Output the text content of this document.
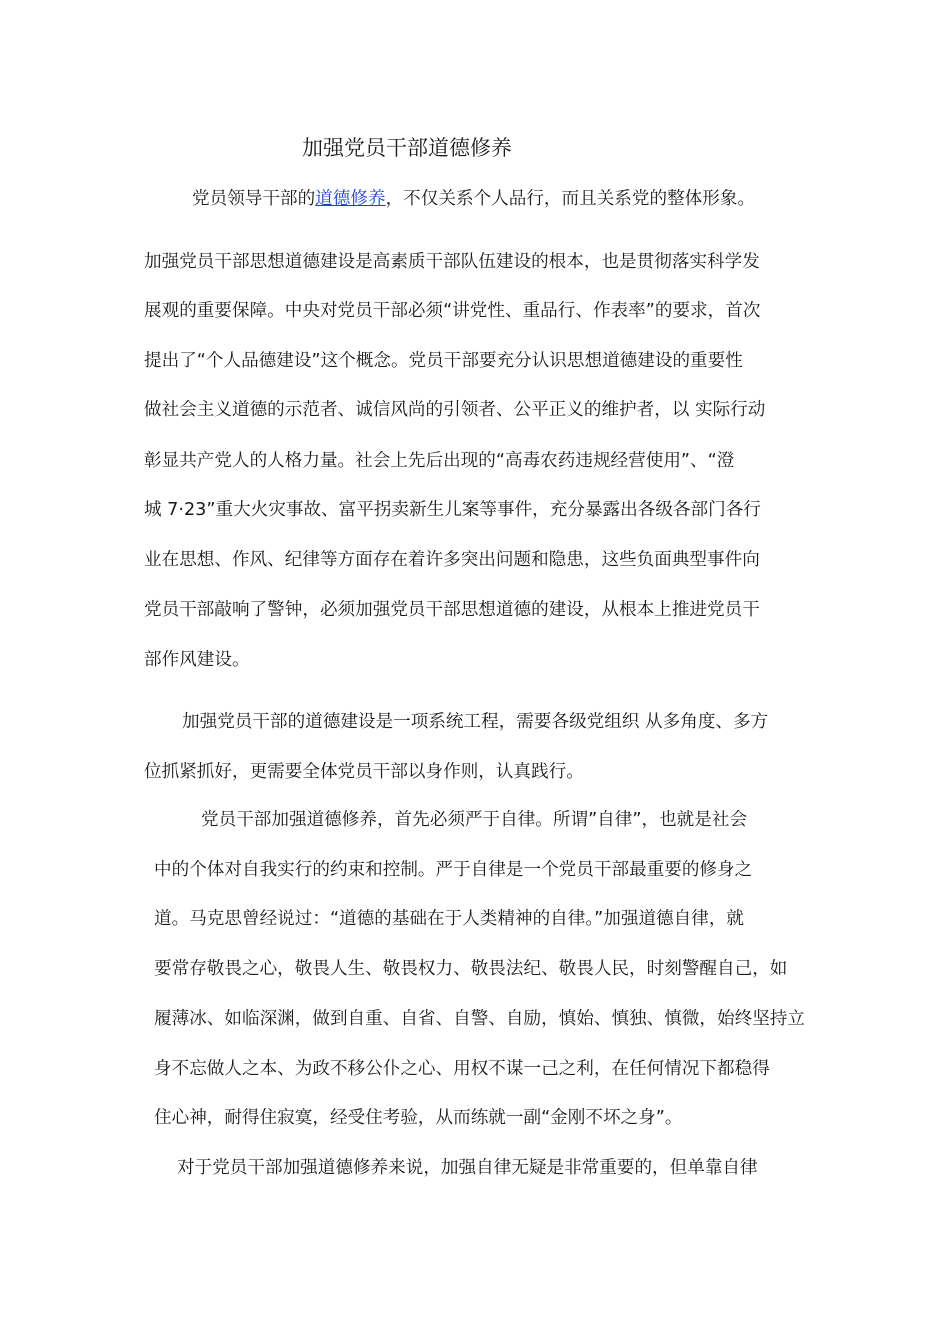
加强党员干部道德修养

党员领导干部的道德修养，不仅关系个人品行，而且关系党的整体形象。

加强党员干部思想道德建设是高素质干部队伍建设的根本，也是贯彻落实科学发

展观的重要保障。中央对党员干部必须“讲党性、重品行、作表率”的要求，首次

提出了“个人品德建设”这个概念。党员干部要充分认识思想道德建设的重要性

做社会主义道德的示范者、诚信风尚的引领者、公平正义的维护者，以 实际行动

彰显共产党人的人格力量。社会上先后出现的“高毒农药违规经营使用”、“澄

城 7·23”重大火灾事故、富平拐卖新生儿案等事件，充分暴露出各级各部门各行

业在思想、作风、纪律等方面存在着许多突出问题和隐患，这些负面典型事件向

党员干部敲响了警钟，必须加强党员干部思想道德的建设，从根本上推进党员干

部作风建设。

加强党员干部的道德建设是一项系统工程，需要各级党组织 从多角度、多方

位抓紧抓好，更需要全体党员干部以身作则，认真践行。

党员干部加强道德修养，首先必须严于自律。所谓”自律”，也就是社会

中的个体对自我实行的约束和控制。严于自律是一个党员干部最重要的修身之

道。马克思曾经说过：“道德的基础在于人类精神的自律。”加强道德自律，就

要常存敬畏之心，敬畏人生、敬畏权力、敬畏法纪、敬畏人民，时刻警醒自己，如

履薄冰、如临深渊，做到自重、自省、自警、自励，慎始、慎独、慎微，始终坚持立

身不忘做人之本、为政不移公仆之心、用权不谋一己之利，在任何情况下都稳得

住心神，耐得住寂寞，经受住考验，从而练就一副“金刚不坏之身”。

对于党员干部加强道德修养来说，加强自律无疑是非常重要的，但单靠自律
